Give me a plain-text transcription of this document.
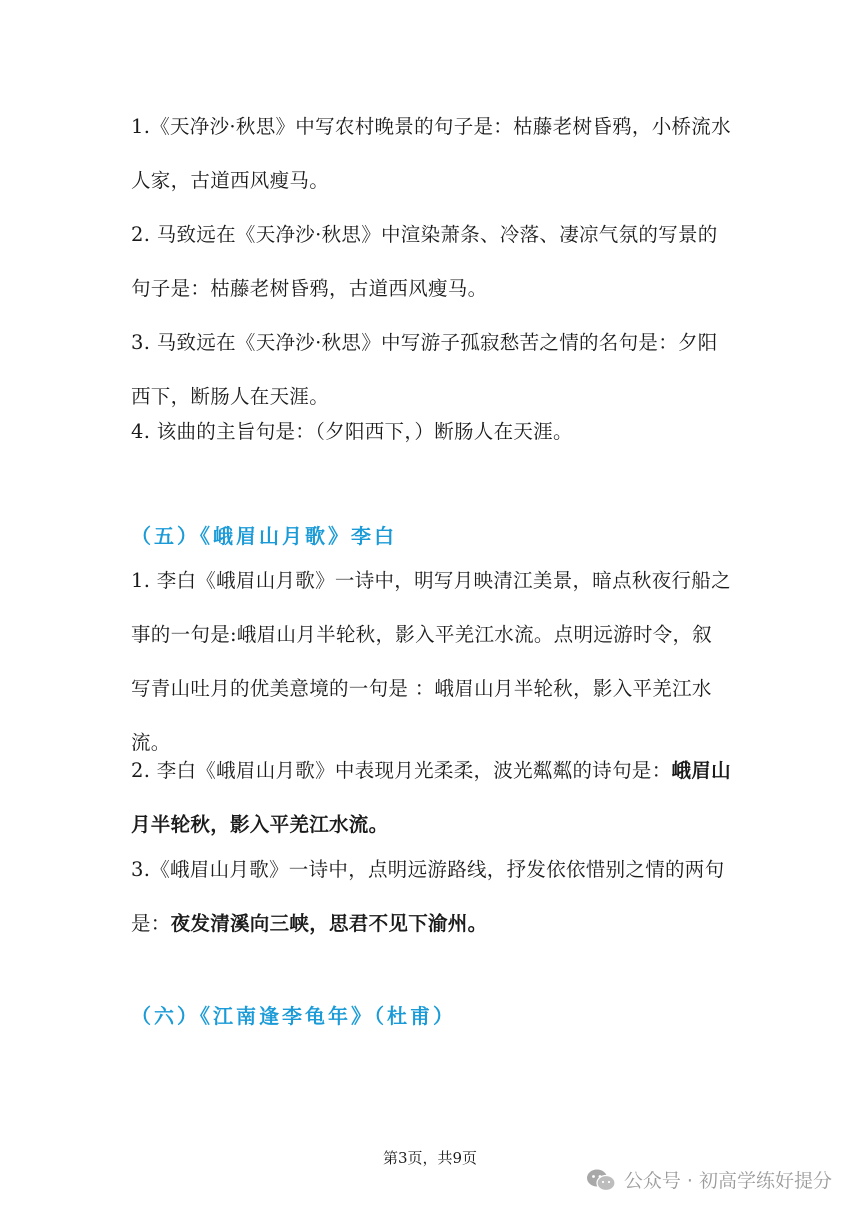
1.《天净沙·秋思》中写农村晚景的句子是：枯藤老树昏鸦，小桥流水人家，古道西风瘦马。

2. 马致远在《天净沙·秋思》中渲染萧条、冷落、凄凉气氛的写景的句子是：枯藤老树昏鸦，古道西风瘦马。

3. 马致远在《天净沙·秋思》中写游子孤寂愁苦之情的名句是：夕阳西下，断肠人在天涯。

4. 该曲的主旨句是：（夕阳西下，）断肠人在天涯。

（五）《峨眉山月歌》李白

1. 李白《峨眉山月歌》一诗中，明写月映清江美景，暗点秋夜行船之事的一句是:峨眉山月半轮秋，影入平羌江水流。点明远游时令，叙写青山吐月的优美意境的一句是 ：峨眉山月半轮秋，影入平羌江水流。

2. 李白《峨眉山月歌》中表现月光柔柔，波光粼粼的诗句是：峨眉山月半轮秋，影入平羌江水流。

3.《峨眉山月歌》一诗中，点明远游路线，抒发依依惜别之情的两句是：夜发清溪向三峡，思君不见下渝州。

（六）《江南逢李龟年》（杜甫）
第3页，共9页
公众号 · 初高学练好提分
